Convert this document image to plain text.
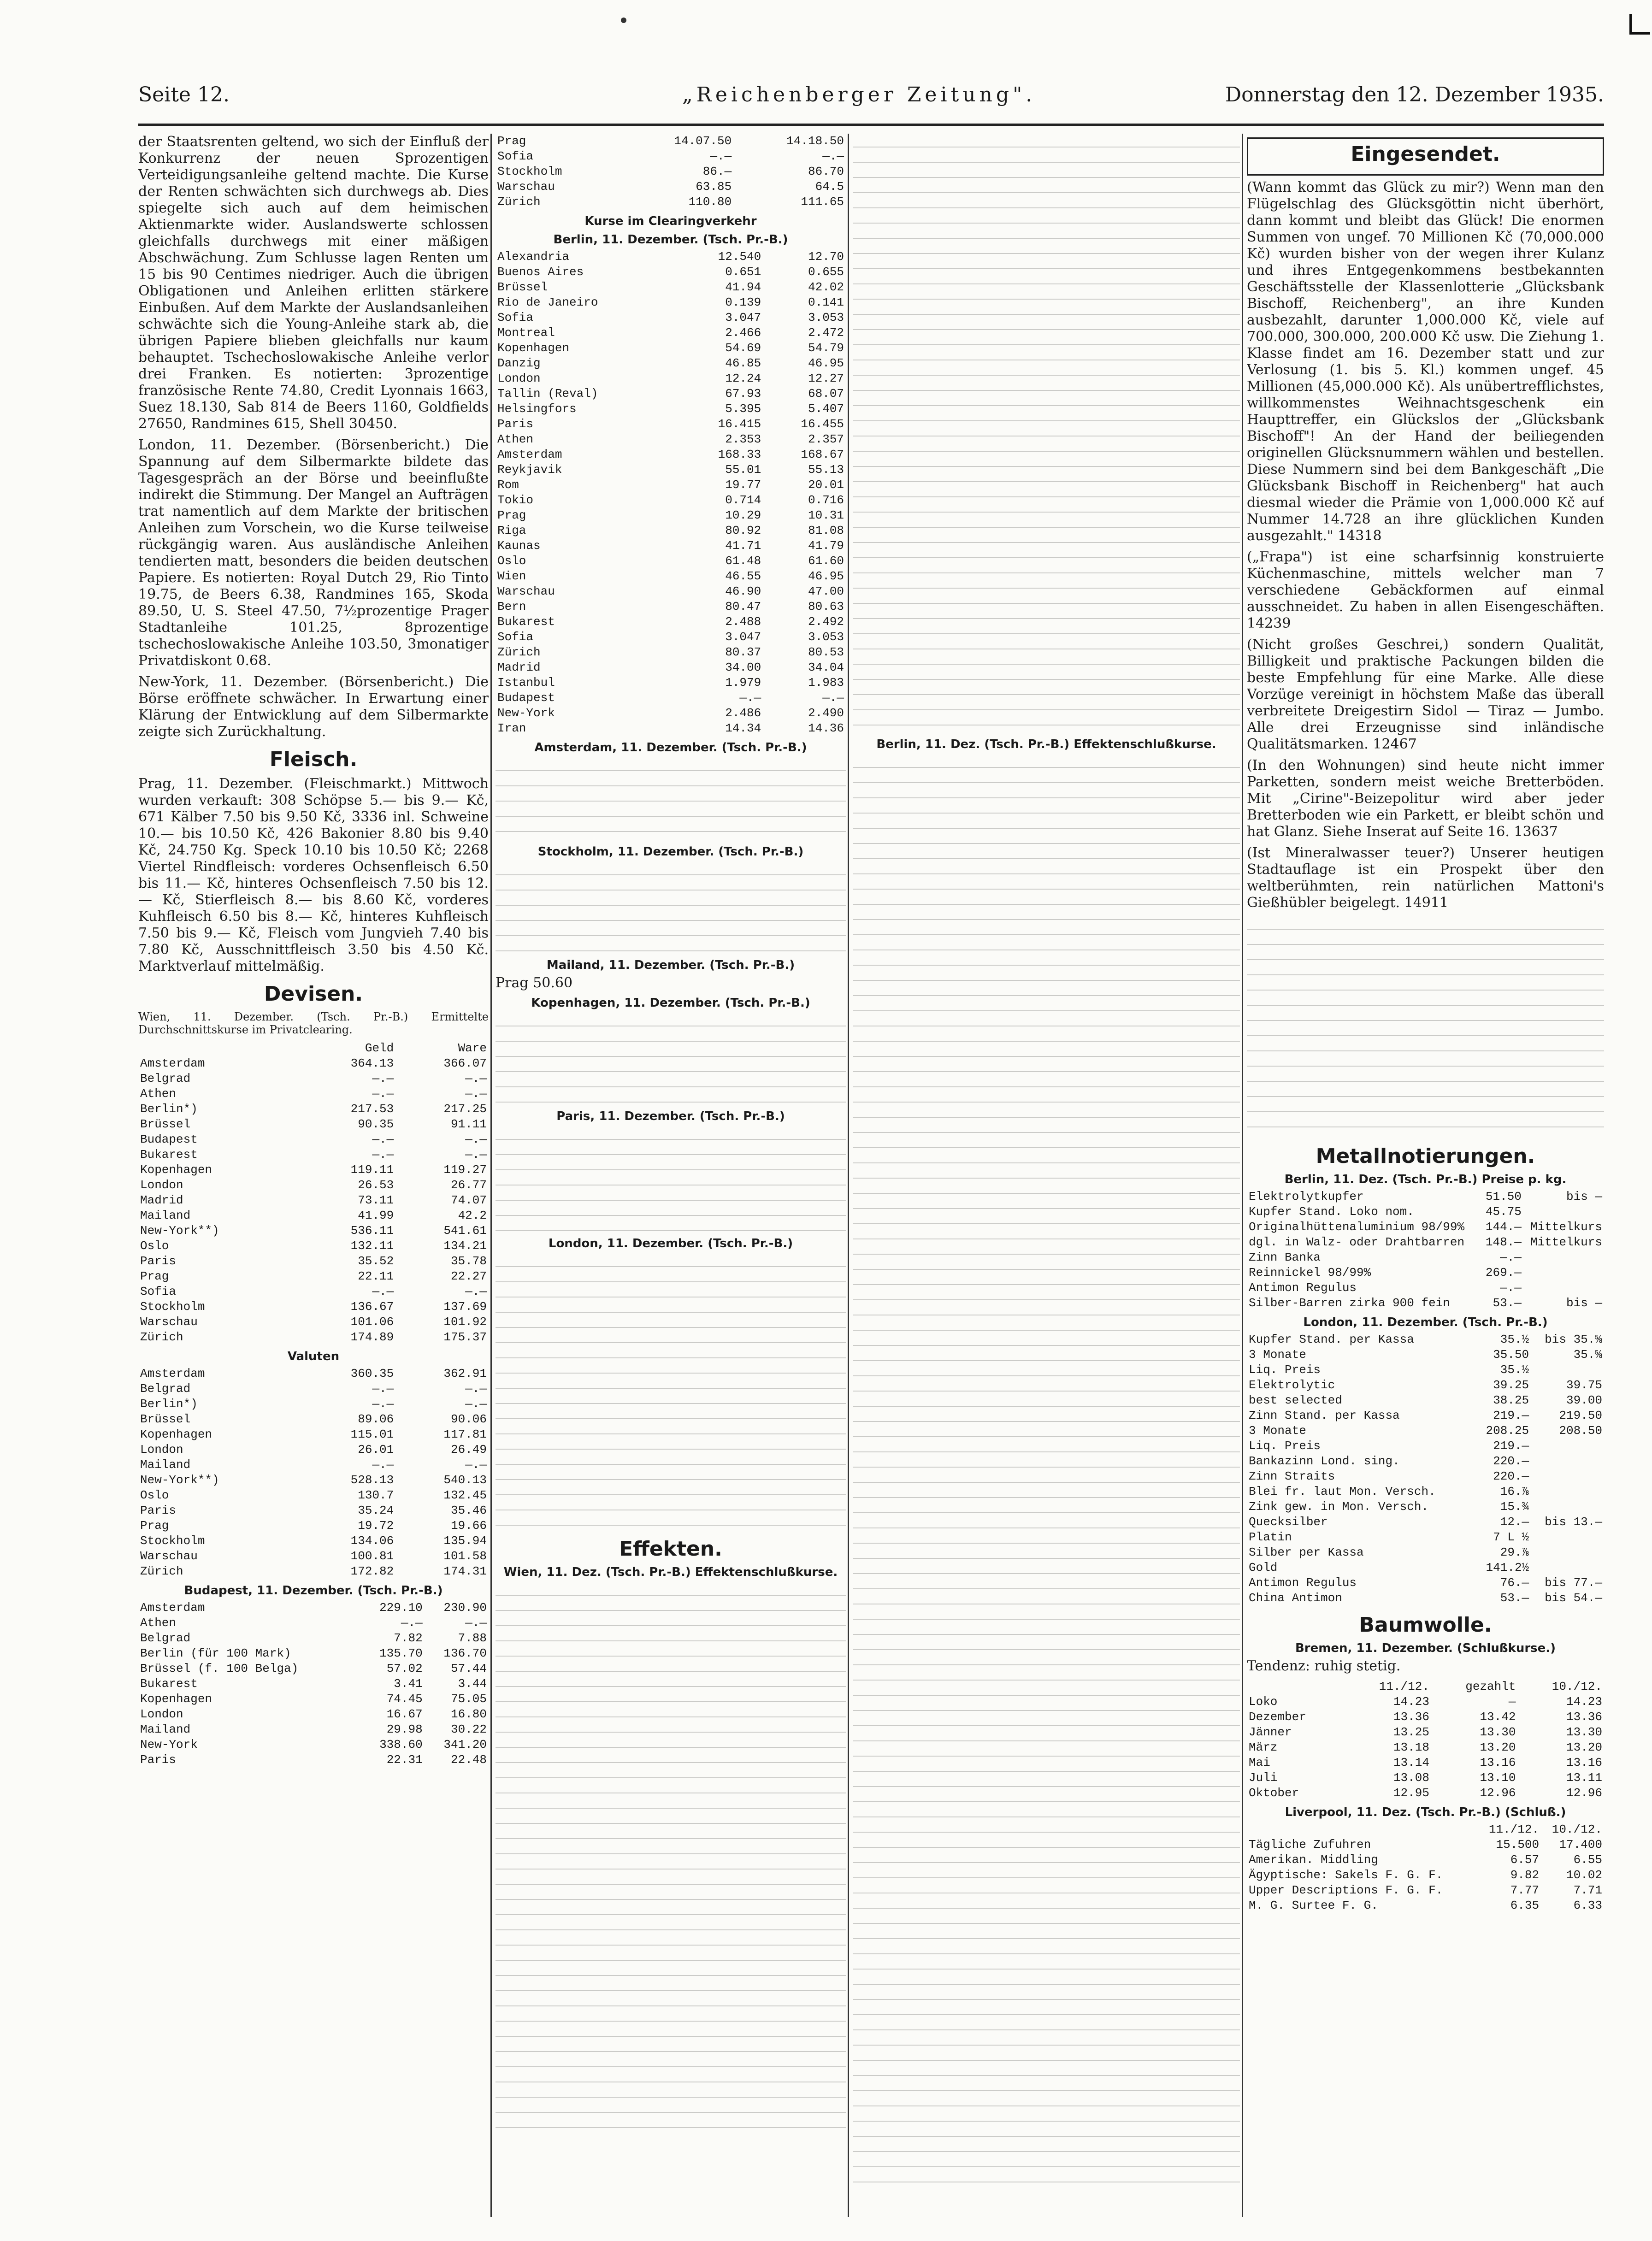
Seite 12.	„Reichenberger Zeitung".	Donnerstag den 12. Dezember 1935.

der Staatsrenten geltend, wo sich der Einfluß der Konkurrenz der neuen Sprozentigen Verteidigungsanleihe geltend machte. Die Kurse der Renten schwächten sich durchwegs ab. Dies spiegelte sich auch auf dem heimischen Aktienmarkte wider. Auslandswerte schlossen gleichfalls durchwegs mit einer mäßigen Abschwächung. Zum Schlusse lagen Renten um 15 bis 90 Centimes niedriger. Auch die übrigen Obligationen und Anleihen erlitten stärkere Einbußen. Auf dem Markte der Auslandsanleihen schwächte sich die Young-Anleihe stark ab, die übrigen Papiere blieben gleichfalls nur kaum behauptet. Tschechoslowakische Anleihe verlor drei Franken. Es notierten: 3prozentige französische Rente 74.80, Credit Lyonnais 1663, Suez 18.130, Sab 814 de Beers 1160, Goldfields 27650, Randmines 615, Shell 30450.

London, 11. Dezember. (Börsenbericht.) Die Spannung auf dem Silbermarkte bildete das Tagesgespräch an der Börse und beeinflußte indirekt die Stimmung. Der Mangel an Aufträgen trat namentlich auf dem Markte der britischen Anleihen zum Vorschein, wo die Kurse teilweise rückgängig waren. Aus ausländische Anleihen tendierten matt, besonders die beiden deutschen Papiere. Es notierten: Royal Dutch 29, Rio Tinto 19.75, de Beers 6.38, Randmines 165, Skoda 89.50, U. S. Steel 47.50, 7½prozentige Prager Stadtanleihe 101.25, 8prozentige tschechoslowakische Anleihe 103.50, 3monatiger Privatdiskont 0.68.

New-York, 11. Dezember. (Börsenbericht.) Die Börse eröffnete schwächer. In Erwartung einer Klärung der Entwicklung auf dem Silbermarkte zeigte sich Zurückhaltung.

Fleisch.

Prag, 11. Dezember. (Fleischmarkt.) Mittwoch wurden verkauft: 308 Schöpse 5.— bis 9.— Kč, 671 Kälber 7.50 bis 9.50 Kč, 3336 inl. Schweine 10.— bis 10.50 Kč, 426 Bakonier 8.80 bis 9.40 Kč, 24.750 Kg. Speck 10.10 bis 10.50 Kč; 2268 Viertel Rindfleisch: vorderes Ochsenfleisch 6.50 bis 11.— Kč, hinteres Ochsenfleisch 7.50 bis 12.— Kč, Stierfleisch 8.— bis 8.60 Kč, vorderes Kuhfleisch 6.50 bis 8.— Kč, hinteres Kuhfleisch 7.50 bis 9.— Kč, Fleisch vom Jungvieh 7.40 bis 7.80 Kč, Ausschnittfleisch 3.50 bis 4.50 Kč. Marktverlauf mittelmäßig.

Devisen.

Wien, 11. Dezember. (Tsch. Pr.-B.) Ermittelte Durchschnittskurse im Privatclearing.

	Geld	Ware
Amsterdam	364.13	366.07
Belgrad	—.—	—.—
Athen	—.—	—.—
Berlin*)	217.53	217.25
Brüssel	90.35	91.11
Budapest	—.—	—.—
Bukarest	—.—	—.—
Kopenhagen	119.11	119.27
London	26.53	26.77
Madrid	73.11	74.07
Mailand	41.99	42.2
New-York**)	536.11	541.61
Oslo	132.11	134.21
Paris	35.52	35.78
Prag	22.11	22.27
Sofia	—.—	—.—
Stockholm	136.67	137.69
Warschau	101.06	101.92
Zürich	174.89	175.37
Valuten
Amsterdam	360.35	362.91
Belgrad	—.—	—.—
Berlin*)	—.—	—.—
Brüssel	89.06	90.06
Kopenhagen	115.01	117.81
London	26.01	26.49
Mailand	—.—	—.—
New-York**)	528.13	540.13
Oslo	130.7	132.45
Paris	35.24	35.46
Prag	19.72	19.66
Stockholm	134.06	135.94
Warschau	100.81	101.58
Zürich	172.82	174.31
Budapest, 11. Dezember. (Tsch. Pr.-B.)
Amsterdam	229.10	230.90
Athen	—.—	—.—
Belgrad	7.82	7.88
Berlin (für 100 Mark)	135.70	136.70
Brüssel (f. 100 Belga)	57.02	57.44
Bukarest	3.41	3.44
Kopenhagen	74.45	75.05
London	16.67	16.80
Mailand	29.98	30.22
New-York	338.60	341.20
Paris	22.31	22.48
Prag	14.07.50	14.18.50
Sofia	—.—	—.—
Stockholm	86.—	86.70
Warschau	63.85	64.5
Zürich	110.80	111.65
Kurse im Clearingverkehr
Berlin, 11. Dezember. (Tsch. Pr.-B.)
Alexandria	12.540	12.70
Buenos Aires	0.651	0.655
Brüssel	41.94	42.02
Rio de Janeiro	0.139	0.141
Sofia	3.047	3.053
Montreal	2.466	2.472
Kopenhagen	54.69	54.79
Danzig	46.85	46.95
London	12.24	12.27
Tallin (Reval)	67.93	68.07
Helsingfors	5.395	5.407
Paris	16.415	16.455
Athen	2.353	2.357
Amsterdam	168.33	168.67
Reykjavik	55.01	55.13
Rom	19.77	20.01
Tokio	0.714	0.716
Prag	10.29	10.31
Riga	80.92	81.08
Kaunas	41.71	41.79
Oslo	61.48	61.60
Wien	46.55	46.95
Warschau	46.90	47.00
Bern	80.47	80.63
Bukarest	2.488	2.492
Sofia	3.047	3.053
Zürich	80.37	80.53
Madrid	34.00	34.04
Istanbul	1.979	1.983
Budapest	—.—	—.—
New-York	2.486	2.490
Iran	14.34	14.36
Amsterdam, 11. Dezember. (Tsch. Pr.-B.)
Stockholm, 11. Dezember. (Tsch. Pr.-B.)
Mailand, 11. Dezember. (Tsch. Pr.-B.)

Prag 50.60

Kopenhagen, 11. Dezember. (Tsch. Pr.-B.)
Paris, 11. Dezember. (Tsch. Pr.-B.)
London, 11. Dezember. (Tsch. Pr.-B.)
Effekten.
Wien, 11. Dez. (Tsch. Pr.-B.) Effektenschlußkurse.
Berlin, 11. Dez. (Tsch. Pr.-B.) Effektenschlußkurse.
Eingesendet.

(Wann kommt das Glück zu mir?) Wenn man den Flügelschlag des Glücksgöttin nicht überhört, dann kommt und bleibt das Glück! Die enormen Summen von ungef. 70 Millionen Kč (70,000.000 Kč) wurden bisher von der wegen ihrer Kulanz und ihres Entgegenkommens bestbekannten Geschäftsstelle der Klassenlotterie „Glücksbank Bischoff, Reichenberg", an ihre Kunden ausbezahlt, darunter 1,000.000 Kč, viele auf 700.000, 300.000, 200.000 Kč usw. Die Ziehung 1. Klasse findet am 16. Dezember statt und zur Verlosung (1. bis 5. Kl.) kommen ungef. 45 Millionen (45,000.000 Kč). Als unübertrefflichstes, willkommenstes Weihnachtsgeschenk ein Haupttreffer, ein Glückslos der „Glücksbank Bischoff"! An der Hand der beiliegenden originellen Glücksnummern wählen und bestellen. Diese Nummern sind bei dem Bankgeschäft „Die Glücksbank Bischoff in Reichenberg" hat auch diesmal wieder die Prämie von 1,000.000 Kč auf Nummer 14.728 an ihre glücklichen Kunden ausgezahlt." 14318

(„Frapa") ist eine scharfsinnig konstruierte Küchenmaschine, mittels welcher man 7 verschiedene Gebäckformen auf einmal ausschneidet. Zu haben in allen Eisengeschäften. 14239

(Nicht großes Geschrei,) sondern Qualität, Billigkeit und praktische Packungen bilden die beste Empfehlung für eine Marke. Alle diese Vorzüge vereinigt in höchstem Maße das überall verbreitete Dreigestirn Sidol — Tiraz — Jumbo. Alle drei Erzeugnisse sind inländische Qualitätsmarken. 12467

(In den Wohnungen) sind heute nicht immer Parketten, sondern meist weiche Bretterböden. Mit „Cirine"-Beizepolitur wird aber jeder Bretterboden wie ein Parkett, er bleibt schön und hat Glanz. Siehe Inserat auf Seite 16. 13637

(Ist Mineralwasser teuer?) Unserer heutigen Stadtauflage ist ein Prospekt über den weltberühmten, rein natürlichen Mattoni's Gießhübler beigelegt. 14911

Metallnotierungen.
Berlin, 11. Dez. (Tsch. Pr.-B.) Preise p. kg.
Elektrolytkupfer	51.50	bis —
Kupfer Stand. Loko nom.	45.75	
Originalhüttenaluminium 98/99%	144.—	Mittelkurs
dgl. in Walz- oder Drahtbarren	148.—	Mittelkurs
Zinn Banka	—.—	
Reinnickel 98/99%	269.—	
Antimon Regulus	—.—	
Silber-Barren zirka 900 fein	53.—	bis —
London, 11. Dezember. (Tsch. Pr.-B.)
Kupfer Stand. per Kassa	35.½	bis 35.⅝
3 Monate	35.50	35.⅝
Liq. Preis	35.½	
Elektrolytic	39.25	39.75
best selected	38.25	39.00
Zinn Stand. per Kassa	219.—	219.50
3 Monate	208.25	208.50
Liq. Preis	219.—	
Bankazinn Lond. sing.	220.—	
Zinn Straits	220.—	
Blei fr. laut Mon. Versch.	16.⅞	
Zink gew. in Mon. Versch.	15.¾	
Quecksilber	12.—	bis 13.—
Platin	7 L ½	
Silber per Kassa	29.⅞	
Gold	141.2½	
Antimon Regulus	76.—	bis 77.—
China Antimon	53.—	bis 54.—
Baumwolle.
Bremen, 11. Dezember. (Schlußkurse.)

Tendenz: ruhig stetig.

	11./12.	gezahlt	10./12.
Loko	14.23	—	14.23
Dezember	13.36	13.42	13.36
Jänner	13.25	13.30	13.30
März	13.18	13.20	13.20
Mai	13.14	13.16	13.16
Juli	13.08	13.10	13.11
Oktober	12.95	12.96	12.96
Liverpool, 11. Dez. (Tsch. Pr.-B.) (Schluß.)
	11./12.	10./12.
Tägliche Zufuhren	15.500	17.400
Amerikan. Middling	6.57	6.55
Ägyptische: Sakels F. G. F.	9.82	10.02
Upper Descriptions F. G. F.	7.77	7.71
M. G. Surtee F. G.	6.35	6.33
